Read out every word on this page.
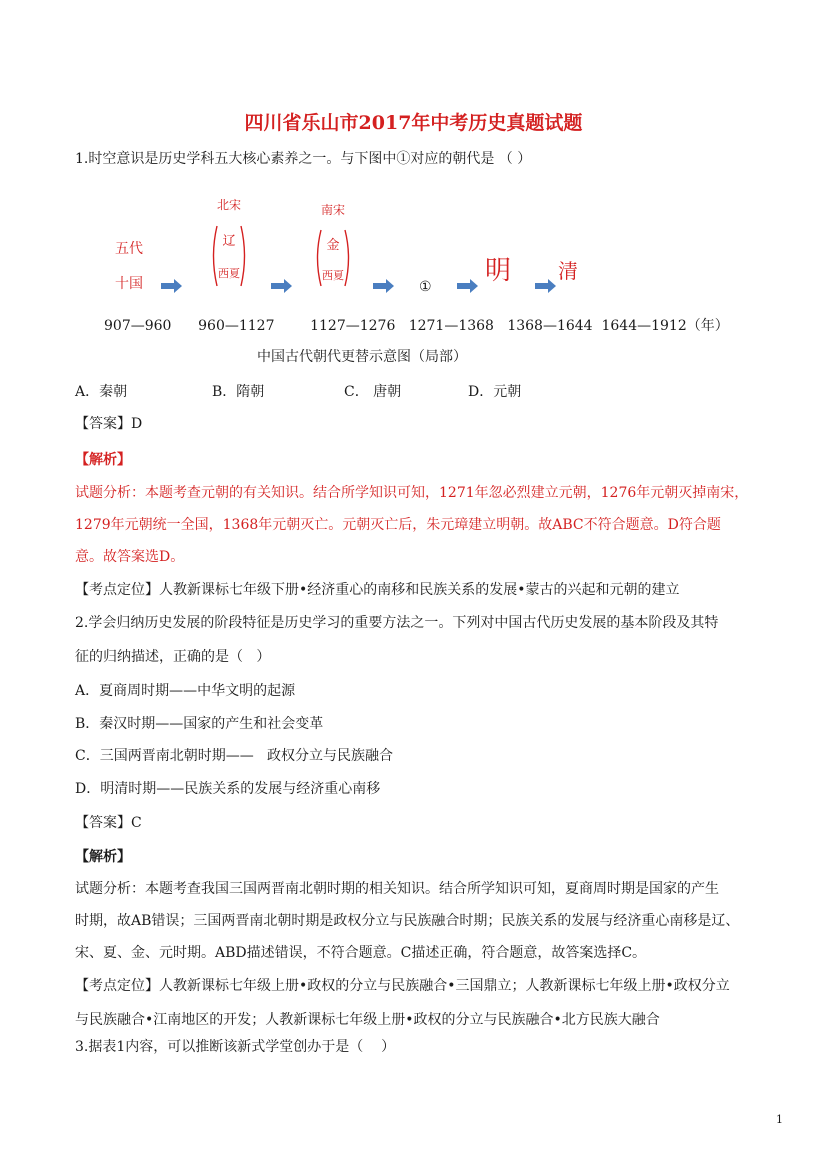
四川省乐山市2017年中考历史真题试题
1.时空意识是历史学科五大核心素养之一。与下图中①对应的朝代是 （ ）
五代
十国
北宋
辽
西夏
南宋
金
西夏
①
明 清
907—960      960—1127        1127—1276   1271—1368   1368—1644  1644—1912（年）
中国古代朝代更替示意图（局部）
A．秦朝	B．隋朝	C． 唐朝	D．元朝
【答案】D
【解析】
试题分析：本题考查元朝的有关知识。结合所学知识可知，1271年忽必烈建立元朝，1276年元朝灭掉南宋，
1279年元朝统一全国，1368年元朝灭亡。元朝灭亡后，朱元璋建立明朝。故ABC不符合题意。D符合题
意。故答案选D。
【考点定位】人教新课标七年级下册•经济重心的南移和民族关系的发展•蒙古的兴起和元朝的建立
2.学会归纳历史发展的阶段特征是历史学习的重要方法之一。下列对中国古代历史发展的基本阶段及其特
征的归纳描述，正确的是（   ）
A．夏商周时期——中华文明的起源
B．秦汉时期——国家的产生和社会变革
C．三国两晋南北朝时期——   政权分立与民族融合
D．明清时期——民族关系的发展与经济重心南移
【答案】C
【解析】
试题分析：本题考查我国三国两晋南北朝时期的相关知识。结合所学知识可知，夏商周时期是国家的产生
时期，故AB错误；三国两晋南北朝时期是政权分立与民族融合时期；民族关系的发展与经济重心南移是辽、
宋、夏、金、元时期。ABD描述错误，不符合题意。C描述正确，符合题意，故答案选择C。
【考点定位】人教新课标七年级上册•政权的分立与民族融合•三国鼎立；人教新课标七年级上册•政权分立
与民族融合•江南地区的开发；人教新课标七年级上册•政权的分立与民族融合•北方民族大融合
3.据表1内容，可以推断该新式学堂创办于是（    ）
1
